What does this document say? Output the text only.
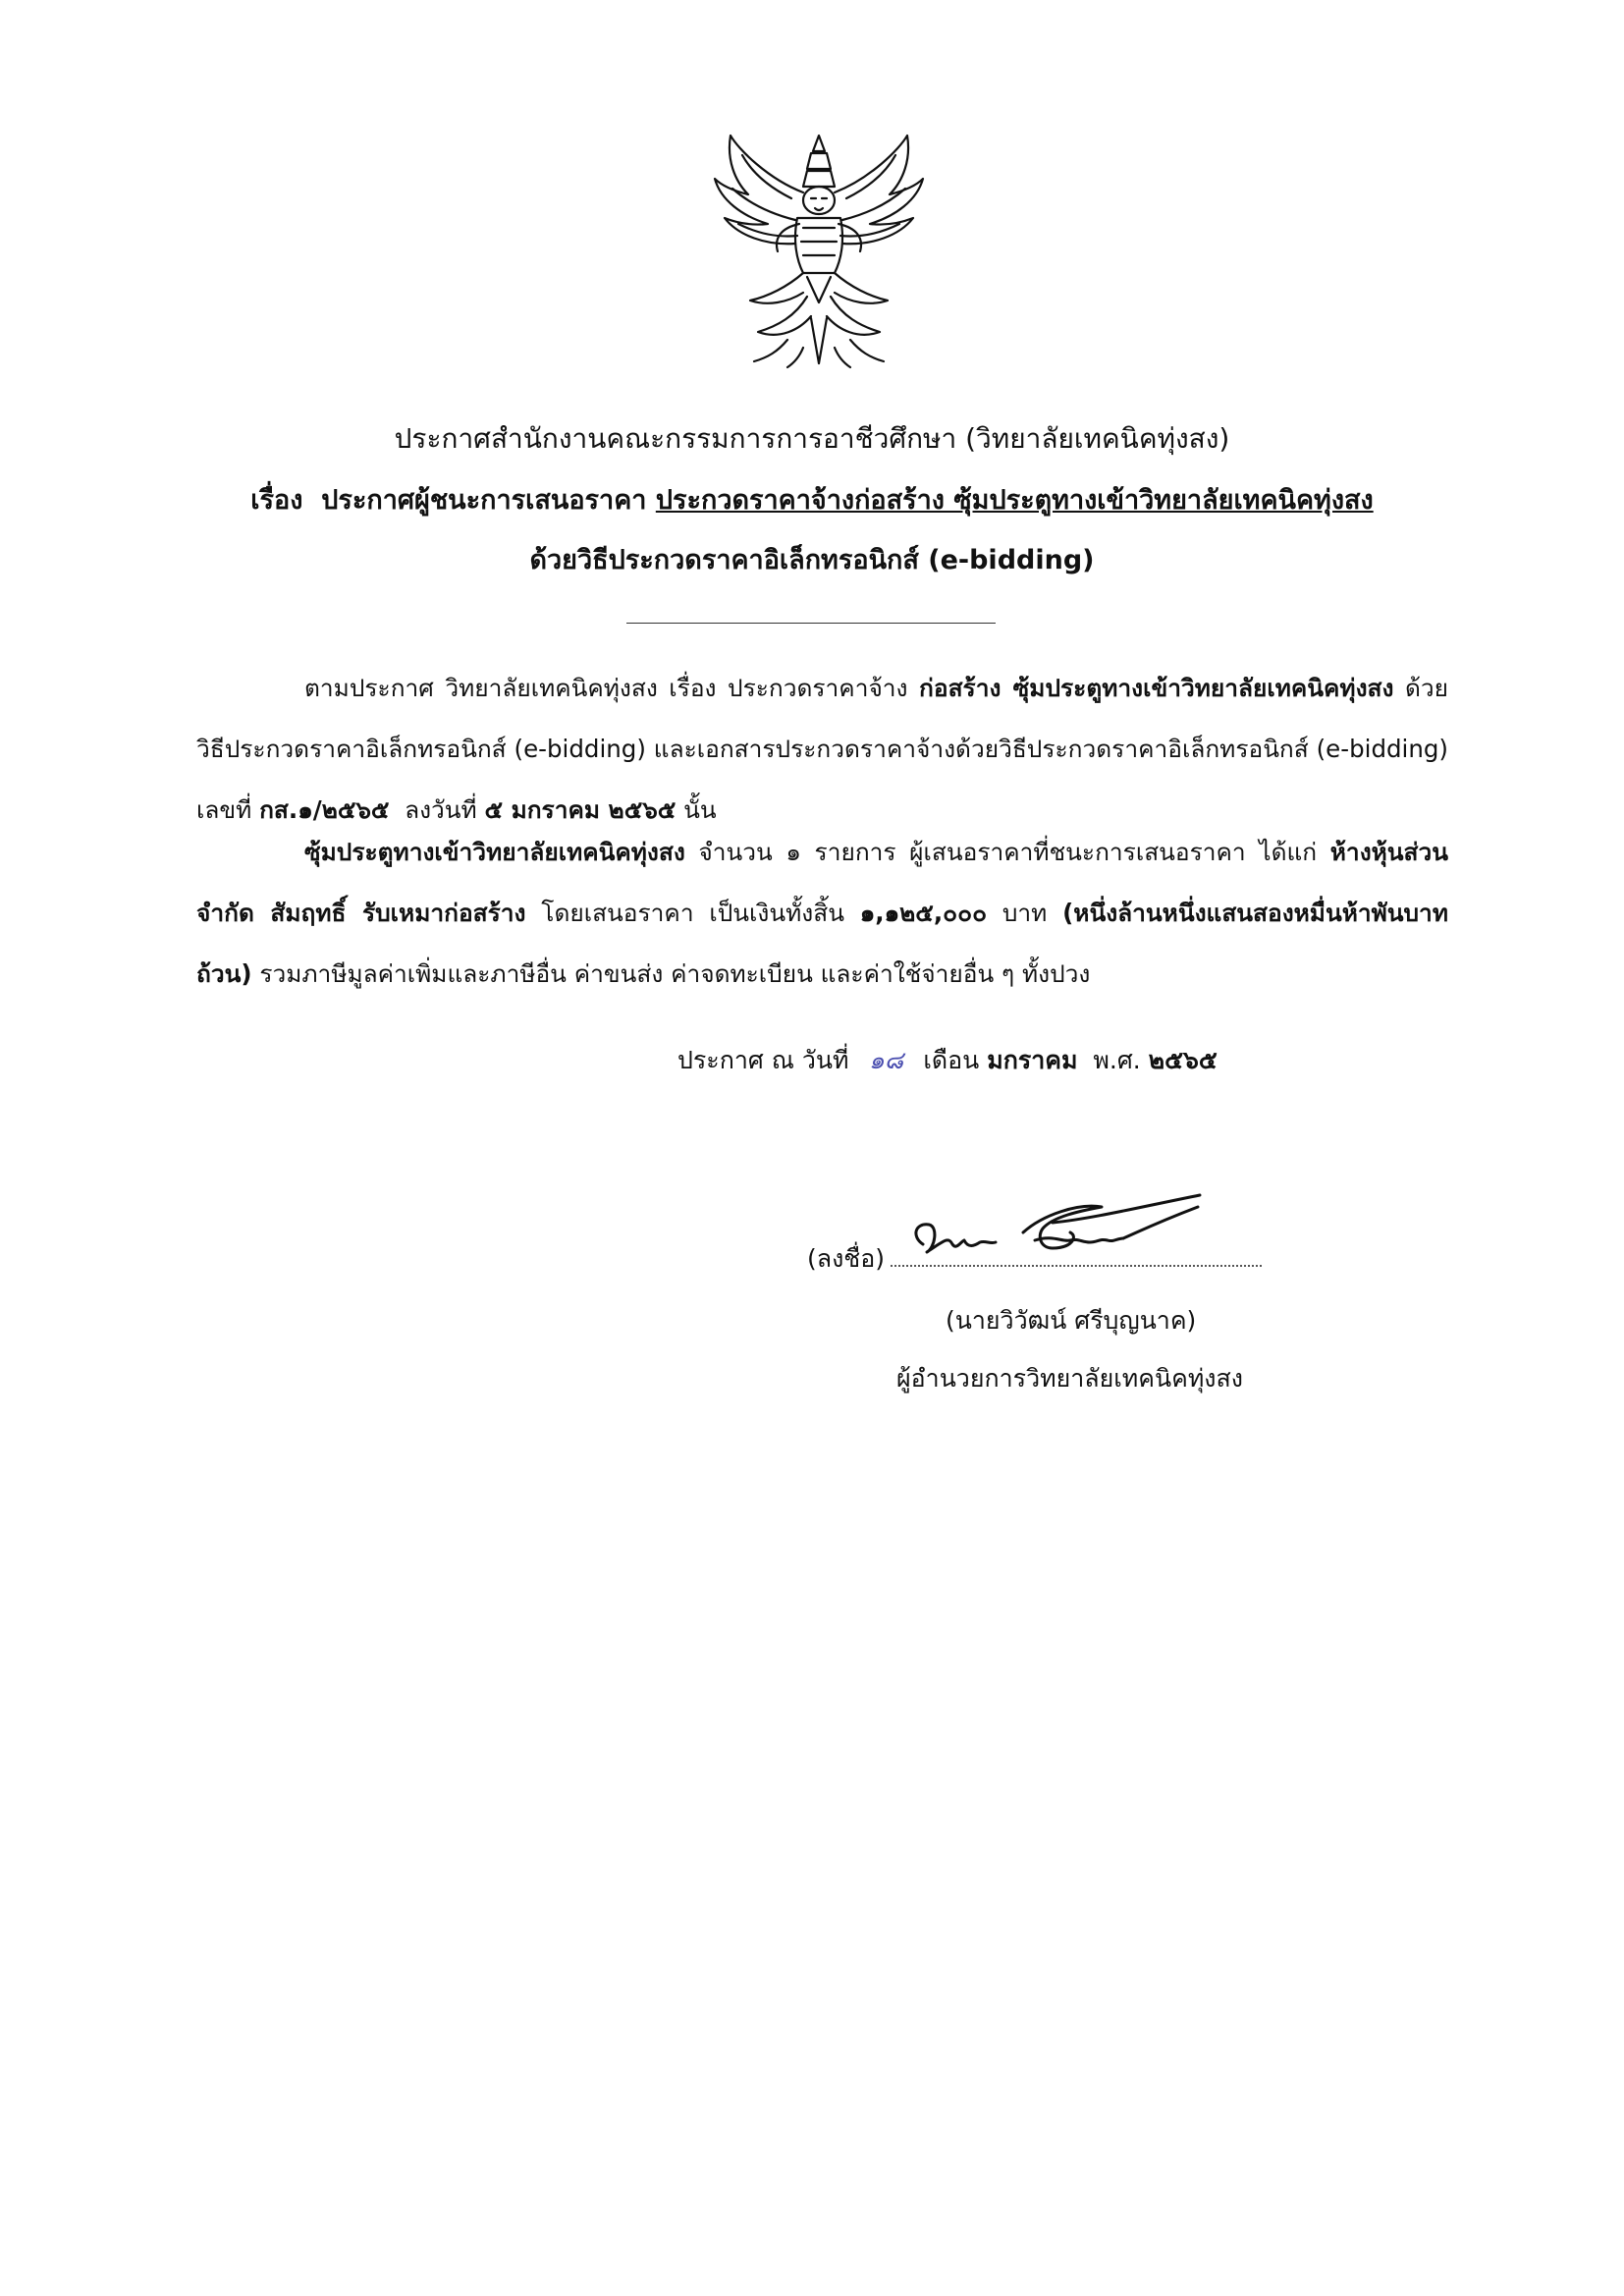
ประกาศสำนักงานคณะกรรมการการอาชีวศึกษา (วิทยาลัยเทคนิคทุ่งสง)
เรื่อง ประกาศผู้ชนะการเสนอราคา ประกวดราคาจ้างก่อสร้าง ซุ้มประตูทางเข้าวิทยาลัยเทคนิคทุ่งสง
ด้วยวิธีประกวดราคาอิเล็กทรอนิกส์ (e-bidding)

ตามประกาศ วิทยาลัยเทคนิคทุ่งสง เรื่อง ประกวดราคาจ้าง ก่อสร้าง ซุ้มประตูทางเข้าวิทยาลัยเทคนิคทุ่งสง ด้วยวิธีประกวดราคาอิเล็กทรอนิกส์ (e-bidding) และเอกสารประกวดราคาจ้างด้วยวิธีประกวดราคาอิเล็กทรอนิกส์ (e-bidding) เลขที่ กส.๑/๒๕๖๕ ลงวันที่ ๕ มกราคม ๒๕๖๕ นั้น

ซุ้มประตูทางเข้าวิทยาลัยเทคนิคทุ่งสง จำนวน ๑ รายการ ผู้เสนอราคาที่ชนะการเสนอราคา ได้แก่ ห้างหุ้นส่วนจำกัด สัมฤทธิ์ รับเหมาก่อสร้าง โดยเสนอราคา เป็นเงินทั้งสิ้น ๑,๑๒๕,๐๐๐ บาท (หนึ่งล้านหนึ่งแสนสองหมื่นห้าพันบาทถ้วน) รวมภาษีมูลค่าเพิ่มและภาษีอื่น ค่าขนส่ง ค่าจดทะเบียน และค่าใช้จ่ายอื่น ๆ ทั้งปวง

ประกาศ ณ วันที่ ๑๘ เดือน มกราคม พ.ศ. ๒๕๖๕
(ลงชื่อ)
(นายวิวัฒน์ ศรีบุญนาค)
ผู้อำนวยการวิทยาลัยเทคนิคทุ่งสง
